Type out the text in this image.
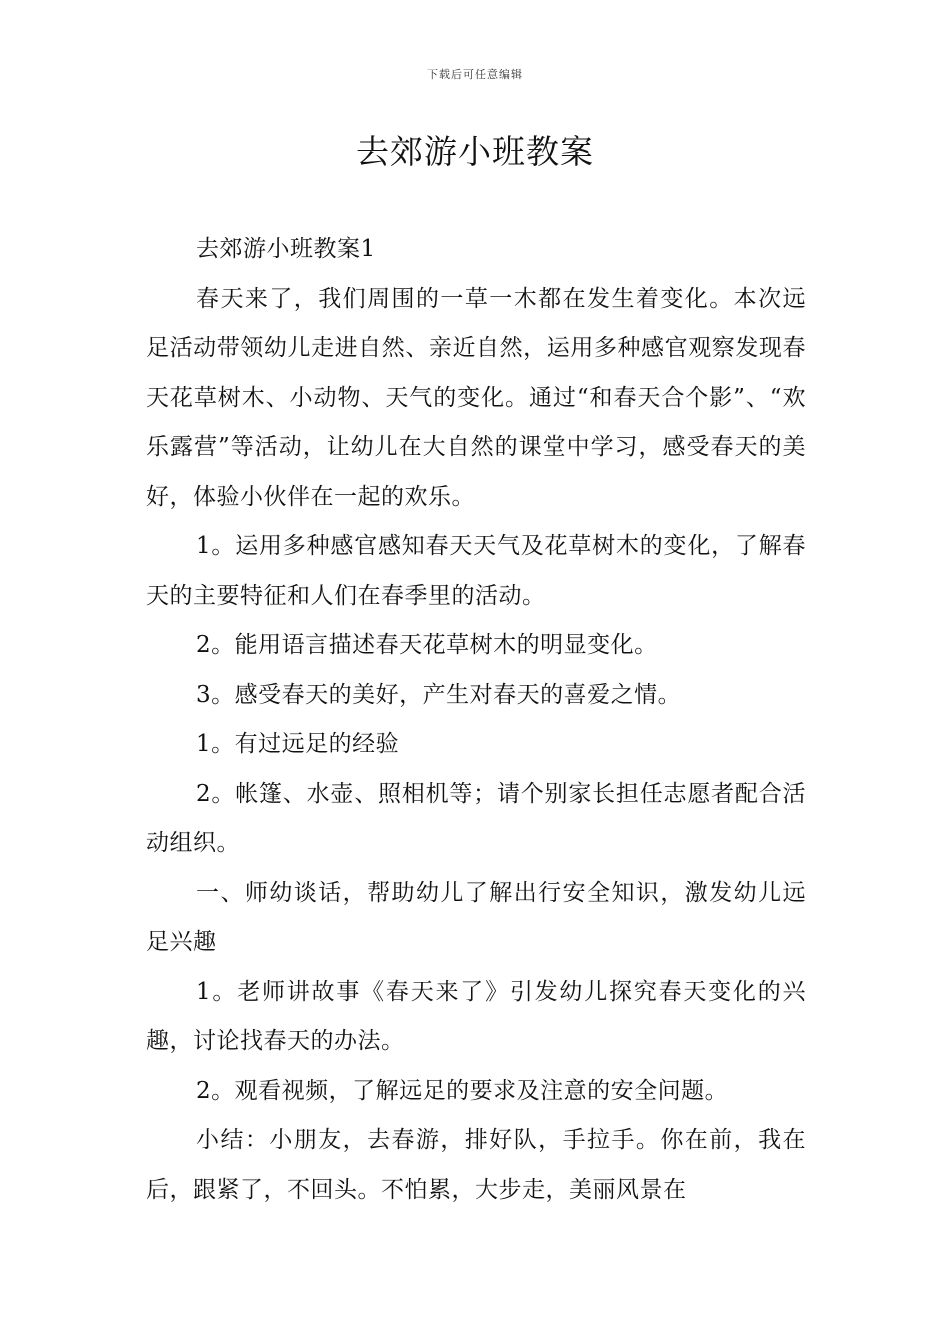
下载后可任意编辑
去郊游小班教案

去郊游小班教案1

春天来了，我们周围的一草一木都在发生着变化。本次远足活动带领幼儿走进自然、亲近自然，运用多种感官观察发现春天花草树木、小动物、天气的变化。通过“和春天合个影”、“欢乐露营”等活动，让幼儿在大自然的课堂中学习，感受春天的美好，体验小伙伴在一起的欢乐。

1。运用多种感官感知春天天气及花草树木的变化，了解春天的主要特征和人们在春季里的活动。

2。能用语言描述春天花草树木的明显变化。

3。感受春天的美好，产生对春天的喜爱之情。

1。有过远足的经验

2。帐篷、水壶、照相机等；请个别家长担任志愿者配合活动组织。

一、师幼谈话，帮助幼儿了解出行安全知识，激发幼儿远足兴趣

1。老师讲故事《春天来了》引发幼儿探究春天变化的兴趣，讨论找春天的办法。

2。观看视频，了解远足的要求及注意的安全问题。

小结：小朋友，去春游，排好队，手拉手。你在前，我在后，跟紧了，不回头。不怕累，大步走，美丽风景在
